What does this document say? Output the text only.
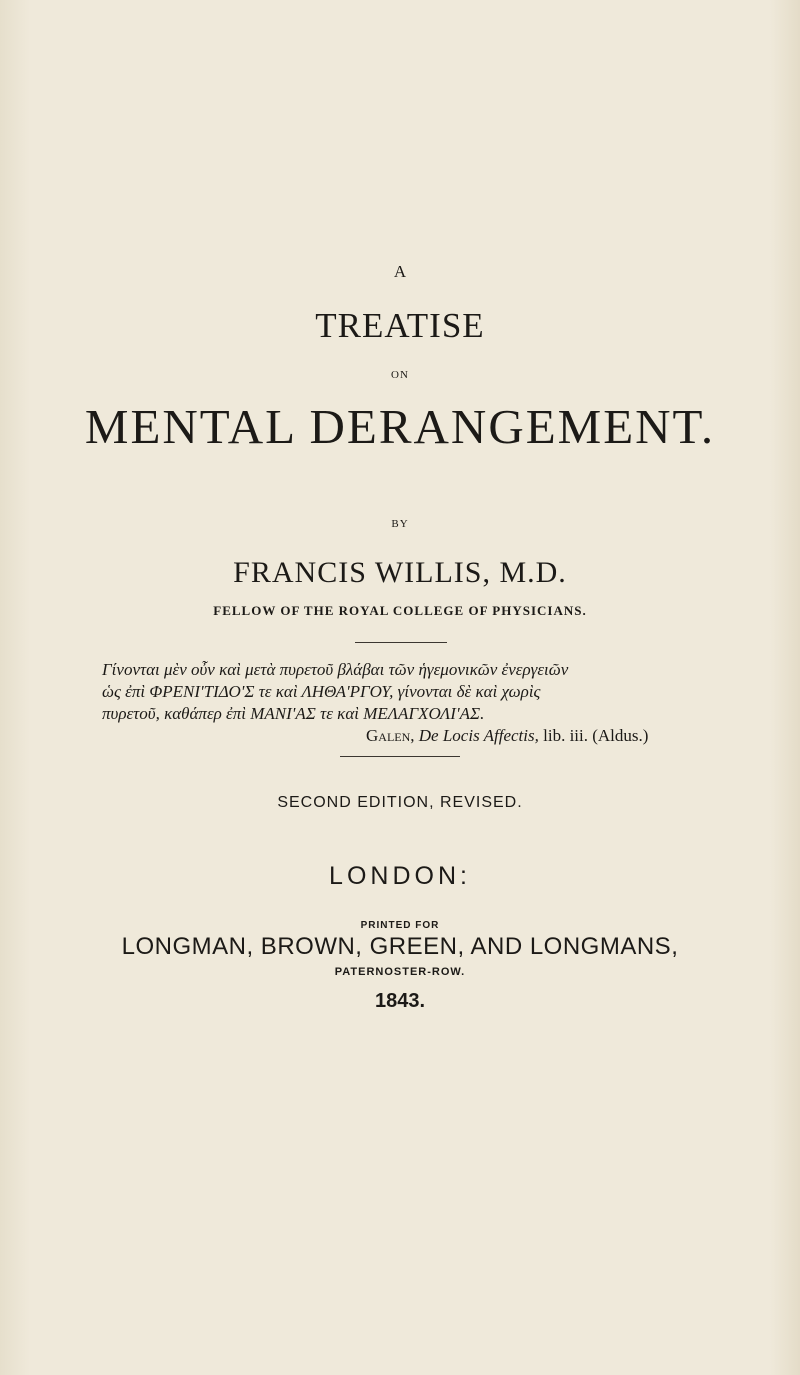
A
TREATISE
ON
MENTAL DERANGEMENT.
BY
FRANCIS WILLIS, M.D.
FELLOW OF THE ROYAL COLLEGE OF PHYSICIANS.
Γίνονται μὲν οὖν καὶ μετὰ πυρετοῦ βλάβαι τῶν ἡγεμονικῶν ἐνεργειῶν
ὡς ἐπὶ ΦΡΕΝΙ'ΤΙΔΟ'Σ τε καὶ ΛΗΘΑ'ΡΓΟΥ, γίνονται δὲ καὶ χωρὶς
πυρετοῦ, καθάπερ ἐπὶ ΜΑΝΙ'ΑΣ τε καὶ ΜΕΛΑΓΧΟΛΙ'ΑΣ.
Galen, De Locis Affectis, lib. iii. (Aldus.)
SECOND EDITION, REVISED.
LONDON:
PRINTED FOR
LONGMAN, BROWN, GREEN, AND LONGMANS,
PATERNOSTER-ROW.
1843.
